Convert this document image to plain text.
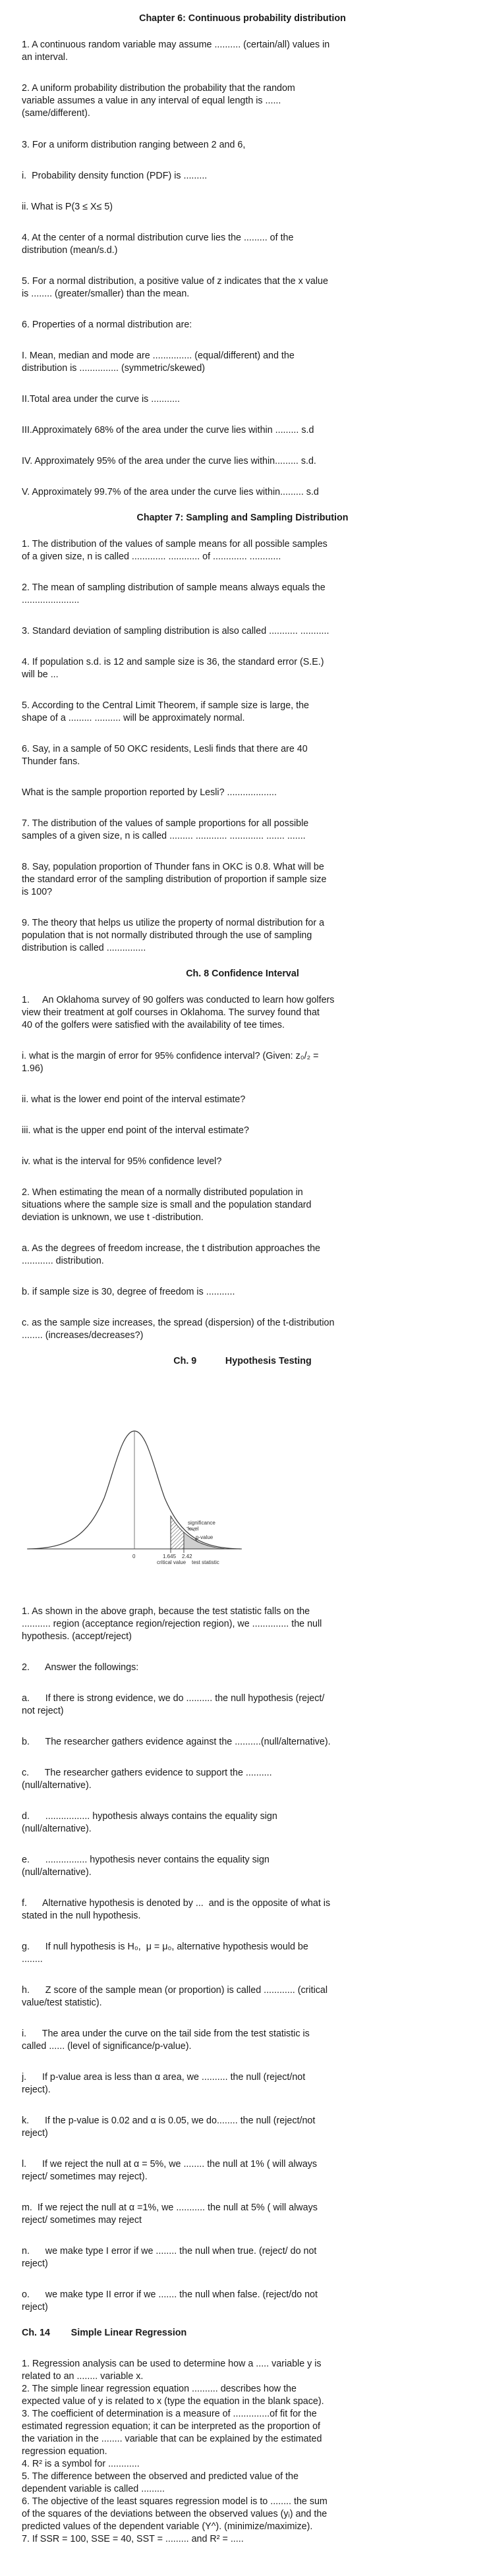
Chapter 6: Continuous probability distribution
1. A continuous random variable may assume .......... (certain/all) values in
an interval.
2. A uniform probability distribution the probability that the random
variable assumes a value in any interval of equal length is ......
(same/different).
3. For a uniform distribution ranging between 2 and 6,
i.  Probability density function (PDF) is .........
ii. What is P(3 ≤ X≤ 5)
4. At the center of a normal distribution curve lies the ......... of the
distribution (mean/s.d.)
5. For a normal distribution, a positive value of z indicates that the x value
is ........ (greater/smaller) than the mean.
6. Properties of a normal distribution are:
I. Mean, median and mode are ............... (equal/different) and the
distribution is ............... (symmetric/skewed)
II.Total area under the curve is ...........
III.Approximately 68% of the area under the curve lies within ......... s.d
IV. Approximately 95% of the area under the curve lies within......... s.d.
V. Approximately 99.7% of the area under the curve lies within......... s.d
Chapter 7: Sampling and Sampling Distribution
1. The distribution of the values of sample means for all possible samples
of a given size, n is called ............. ............ of ............. ............
2. The mean of sampling distribution of sample means always equals the
......................
3. Standard deviation of sampling distribution is also called ........... ...........
4. If population s.d. is 12 and sample size is 36, the standard error (S.E.)
will be ...
5. According to the Central Limit Theorem, if sample size is large, the
shape of a ......... .......... will be approximately normal.
6. Say, in a sample of 50 OKC residents, Lesli finds that there are 40
Thunder fans.
What is the sample proportion reported by Lesli? ...................
7. The distribution of the values of sample proportions for all possible
samples of a given size, n is called ......... ............ ............. ....... .......
8. Say, population proportion of Thunder fans in OKC is 0.8. What will be
the standard error of the sampling distribution of proportion if sample size
is 100?
9. The theory that helps us utilize the property of normal distribution for a
population that is not normally distributed through the use of sampling
distribution is called ...............
Ch. 8 Confidence Interval
1.     An Oklahoma survey of 90 golfers was conducted to learn how golfers
view their treatment at golf courses in Oklahoma. The survey found that
40 of the golfers were satisfied with the availability of tee times.
i. what is the margin of error for 95% confidence interval? (Given: z₀/₂ =
1.96)
ii. what is the lower end point of the interval estimate?
iii. what is the upper end point of the interval estimate?
iv. what is the interval for 95% confidence level?
2. When estimating the mean of a normally distributed population in
situations where the sample size is small and the population standard
deviation is unknown, we use t -distribution.
a. As the degrees of freedom increase, the t distribution approaches the
............ distribution.
b. if sample size is 30, degree of freedom is ...........
c. as the sample size increases, the spread (dispersion) of the t-distribution
........ (increases/decreases?)
Ch. 9           Hypothesis Testing
1. As shown in the above graph, because the test statistic falls on the
........... region (acceptance region/rejection region), we .............. the null
hypothesis. (accept/reject)
2.      Answer the followings:
a.      If there is strong evidence, we do .......... the null hypothesis (reject/
not reject)
b.      The researcher gathers evidence against the ..........(null/alternative).
c.      The researcher gathers evidence to support the ..........
(null/alternative).
d.      ................. hypothesis always contains the equality sign
(null/alternative).
e.      ................ hypothesis never contains the equality sign
(null/alternative).
f.      Alternative hypothesis is denoted by ...  and is the opposite of what is
stated in the null hypothesis.
g.      If null hypothesis is H₀,  μ = μ₀, alternative hypothesis would be
........
h.      Z score of the sample mean (or proportion) is called ............ (critical
value/test statistic).
i.      The area under the curve on the tail side from the test statistic is
called ...... (level of significance/p-value).
j.      If p-value area is less than α area, we .......... the null (reject/not
reject).
k.      If the p-value is 0.02 and α is 0.05, we do........ the null (reject/not
reject)
l.      If we reject the null at α = 5%, we ........ the null at 1% ( will always
reject/ sometimes may reject).
m.  If we reject the null at α =1%, we ........... the null at 5% ( will always
reject/ sometimes may reject
n.      we make type I error if we ........ the null when true. (reject/ do not
reject)
o.      we make type II error if we ....... the null when false. (reject/do not
reject)
Ch. 14        Simple Linear Regression
1. Regression analysis can be used to determine how a ..... variable y is
related to an ........ variable x.
2. The simple linear regression equation .......... describes how the
expected value of y is related to x (type the equation in the blank space).
3. The coefficient of determination is a measure of ..............of fit for the
estimated regression equation; it can be interpreted as the proportion of
the variation in the ........ variable that can be explained by the estimated
regression equation.
4. R² is a symbol for ............
5. The difference between the observed and predicted value of the
dependent variable is called .........
6. The objective of the least squares regression model is to ........ the sum
of the squares of the deviations between the observed values (yᵢ) and the
predicted values of the dependent variable (Y^). (minimize/maximize).
7. If SSR = 100, SSE = 40, SST = ......... and R² = .....
significance
level
p-value
0	1.645 2.42
critical value test statistic
